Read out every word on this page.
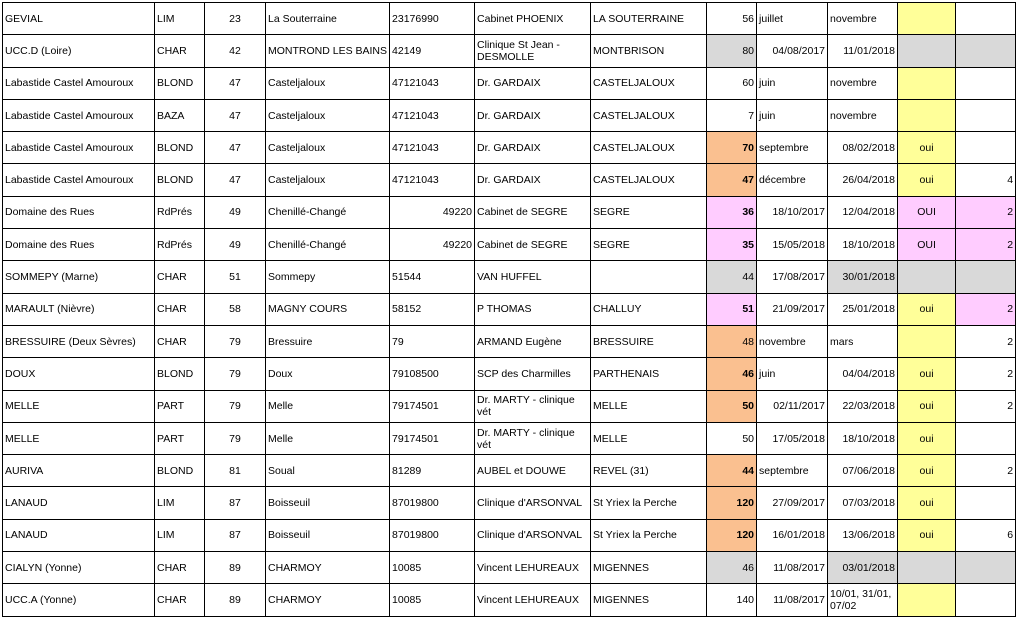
GEVIAL	LIM	23	La Souterraine	23176990	Cabinet PHOENIX	LA SOUTERRAINE	56	juillet	novembre		
UCC.D (Loire)	CHAR	42	MONTROND LES BAINS	42149	Clinique St Jean - DESMOLLE	MONTBRISON	80	04/08/2017	11/01/2018		
Labastide Castel Amouroux	BLOND	47	Casteljaloux	47121043	Dr. GARDAIX	CASTELJALOUX	60	juin	novembre		
Labastide Castel Amouroux	BAZA	47	Casteljaloux	47121043	Dr. GARDAIX	CASTELJALOUX	7	juin	novembre		
Labastide Castel Amouroux	BLOND	47	Casteljaloux	47121043	Dr. GARDAIX	CASTELJALOUX	70	septembre	08/02/2018	oui	
Labastide Castel Amouroux	BLOND	47	Casteljaloux	47121043	Dr. GARDAIX	CASTELJALOUX	47	décembre	26/04/2018	oui	4
Domaine des Rues	RdPrés	49	Chenillé-Changé	49220	Cabinet de SEGRE	SEGRE	36	18/10/2017	12/04/2018	OUI	2
Domaine des Rues	RdPrés	49	Chenillé-Changé	49220	Cabinet de SEGRE	SEGRE	35	15/05/2018	18/10/2018	OUI	2
SOMMEPY (Marne)	CHAR	51	Sommepy	51544	VAN HUFFEL		44	17/08/2017	30/01/2018		
MARAULT (Nièvre)	CHAR	58	MAGNY COURS	58152	P THOMAS	CHALLUY	51	21/09/2017	25/01/2018	oui	2
BRESSUIRE (Deux Sèvres)	CHAR	79	Bressuire	79	ARMAND Eugène	BRESSUIRE	48	novembre	mars		2
DOUX	BLOND	79	Doux	79108500	SCP des Charmilles	PARTHENAIS	46	juin	04/04/2018	oui	2
MELLE	PART	79	Melle	79174501	Dr. MARTY - clinique vét	MELLE	50	02/11/2017	22/03/2018	oui	2
MELLE	PART	79	Melle	79174501	Dr. MARTY - clinique vét	MELLE	50	17/05/2018	18/10/2018	oui	
AURIVA	BLOND	81	Soual	81289	AUBEL et DOUWE	REVEL (31)	44	septembre	07/06/2018	oui	2
LANAUD	LIM	87	Boisseuil	87019800	Clinique d'ARSONVAL	St Yriex la Perche	120	27/09/2017	07/03/2018	oui	
LANAUD	LIM	87	Boisseuil	87019800	Clinique d'ARSONVAL	St Yriex la Perche	120	16/01/2018	13/06/2018	oui	6
CIALYN (Yonne)	CHAR	89	CHARMOY	10085	Vincent LEHUREAUX	MIGENNES	46	11/08/2017	03/01/2018		
UCC.A (Yonne)	CHAR	89	CHARMOY	10085	Vincent LEHUREAUX	MIGENNES	140	11/08/2017	10/01, 31/01, 07/02		
